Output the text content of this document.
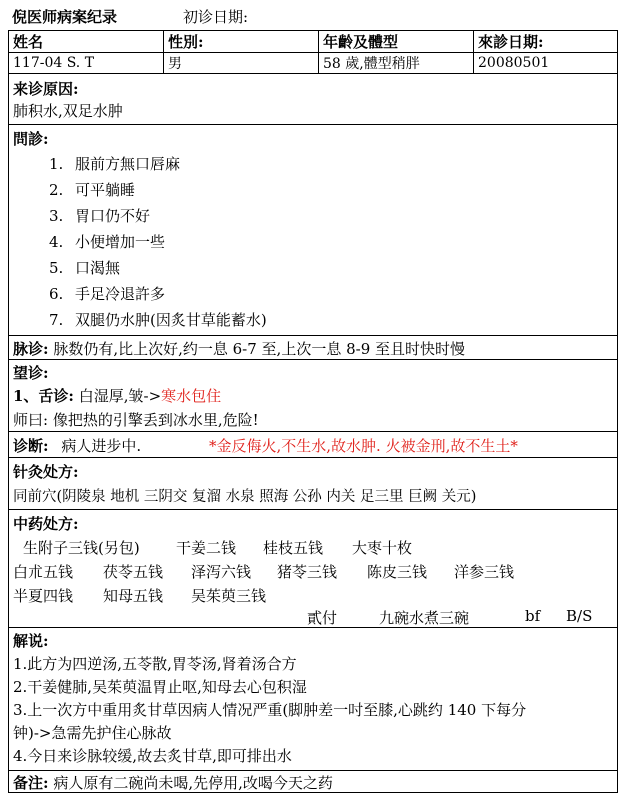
倪医师病案纪录	初诊日期:
姓名	性別:	年齡及體型	來診日期:
117-04 S. T	男	58 歲,體型稍胖	20080501
来诊原因:
肺积水,双足水肿
問診:
1. 服前方無口唇麻
2. 可平躺睡
3. 胃口仍不好
4. 小便增加一些
5. 口渴無
6. 手足冷退許多
7. 双腿仍水肿(因炙甘草能蓄水)
脉诊: 脉数仍有,比上次好,约一息 6-7 至,上次一息 8-9 至且时快时慢
望诊:
1、舌诊: 白湿厚,皱->寒水包住
师曰: 像把热的引擎丢到冰水里,危险!
诊断: 病人进步中.	*金反侮火,不生水,故水肿. 火被金刑,故不生土*
针灸处方:
同前穴(阴陵泉 地机 三阴交 复溜 水泉 照海 公孙 内关 足三里 巨阙 关元)
中药处方:
生附子三钱(另包) 干姜二钱 桂枝五钱 大枣十枚
白朮五钱 茯苓五钱 泽泻六钱 猪苓三钱 陈皮三钱 洋参三钱
半夏四钱 知母五钱 吴茱萸三钱
貳付	九碗水煮三碗	bf B/S
解说:
1.此方为四逆汤,五苓散,胃苓汤,肾着汤合方
2.干姜健肺,吴茱萸温胃止呕,知母去心包积湿
3.上一次方中重用炙甘草因病人情况严重(脚肿差一吋至膝,心跳约 140 下每分
钟)->急需先护住心脉故
4.今日来诊脉较缓,故去炙甘草,即可排出水
备注: 病人原有二碗尚未喝,先停用,改喝今天之药
